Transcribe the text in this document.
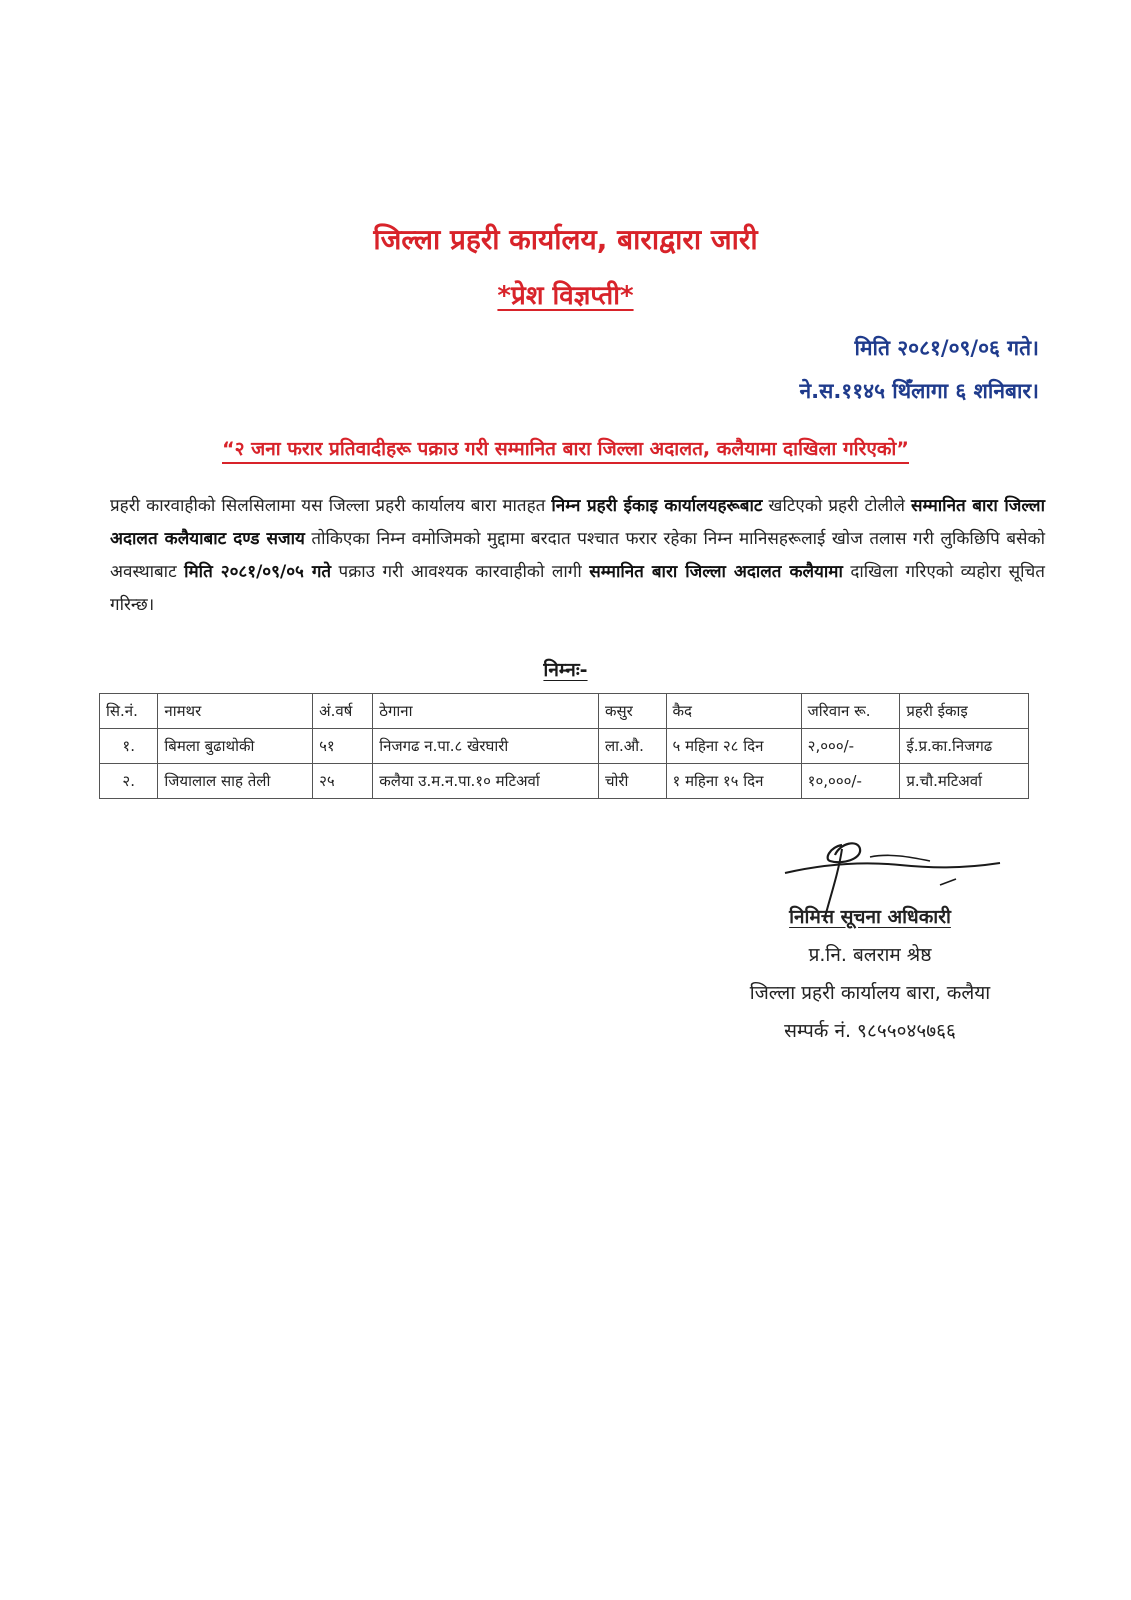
जिल्ला प्रहरी कार्यालय, बाराद्वारा जारी
*प्रेश विज्ञप्ती*
मिति २०८१/०९/०६ गते।
ने.स.११४५ थिँलागा ६ शनिबार।
“२ जना फरार प्रतिवादीहरू पक्राउ गरी सम्मानित बारा जिल्ला अदालत, कलैयामा दाखिला गरिएको”
प्रहरी कारवाहीको सिलसिलामा यस जिल्ला प्रहरी कार्यालय बारा मातहत निम्न प्रहरी ईकाइ कार्यालयहरूबाट खटिएको प्रहरी टोलीले सम्मानित बारा जिल्ला अदालत कलैयाबाट दण्ड सजाय तोकिएका निम्न वमोजिमको मुद्दामा बरदात पश्चात फरार रहेका निम्न मानिसहरूलाई खोज तलास गरी लुकिछिपि बसेको अवस्थाबाट मिति २०८१/०९/०५ गते पक्राउ गरी आवश्यक कारवाहीको लागी सम्मानित बारा जिल्ला अदालत कलैयामा दाखिला गरिएको व्यहोरा सूचित गरिन्छ।
निम्नः-
सि.नं.	नामथर	अं.वर्ष	ठेगाना	कसुर	कैद	जरिवान रू.	प्रहरी ईकाइ
१.	बिमला बुढाथोकी	५१	निजगढ न.पा.८ खेरघारी	ला.औ.	५ महिना २८ दिन	२,०००/-	ई.प्र.का.निजगढ
२.	जियालाल साह तेली	२५	कलैया उ.म.न.पा.१० मटिअर्वा	चोरी	१ महिना १५ दिन	१०,०००/-	प्र.चौ.मटिअर्वा
निमित्त सूचना अधिकारी
प्र.नि. बलराम श्रेष्ठ
जिल्ला प्रहरी कार्यालय बारा, कलैया
सम्पर्क नं. ९८५५०४५७६६
